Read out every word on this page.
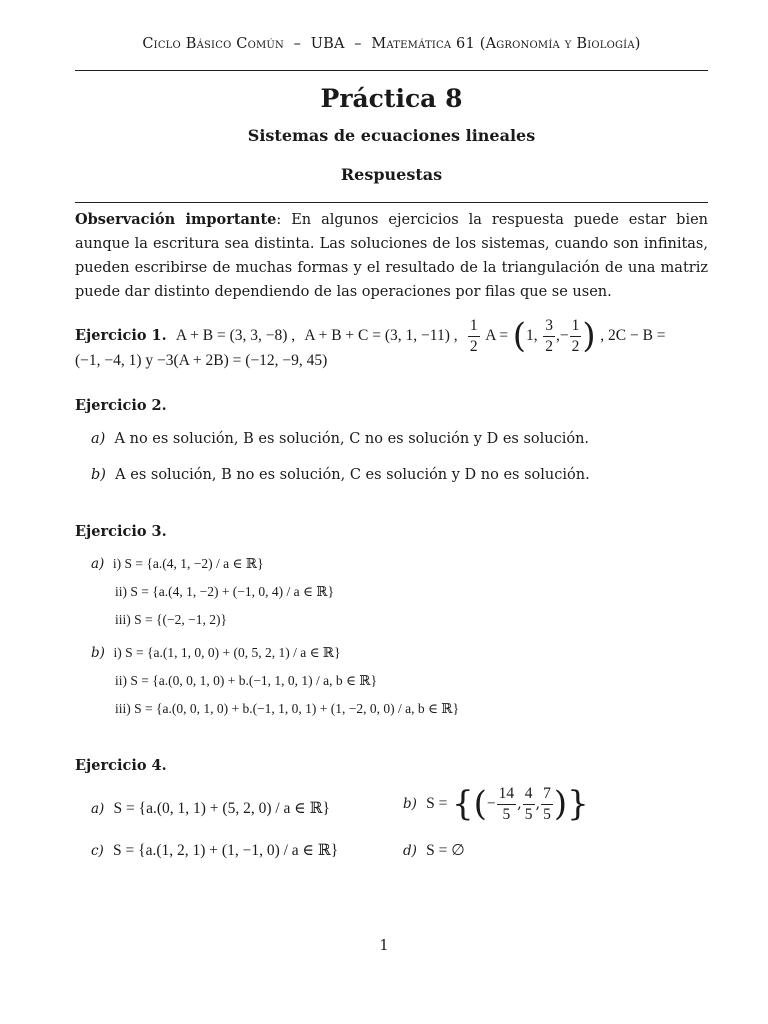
Ciclo Básico Común – UBA – Matemática 61 (Agronomía y Biología)
Práctica 8
Sistemas de ecuaciones lineales
Respuestas
Observación importante: En algunos ejercicios la respuesta puede estar bien aunque la escritura sea distinta. Las soluciones de los sistemas, cuando son infinitas, pueden escribirse de muchas formas y el resultado de la triangulación de una matriz puede dar distinto dependiendo de las operaciones por filas que se usen.
Ejercicio 1. A + B = (3, 3, −8) , A + B + C = (3, 1, −11) , $\frac{1}{2}$ A = (1, $\frac{3}{2}$ ,− $\frac{1}{2}$ ) , 2C − B =
(−1, −4, 1) y −3(A + 2B) = (−12, −9, 45)
Ejercicio 2.
a) A no es solución, B es solución, C no es solución y D es solución.
b) A es solución, B no es solución, C es solución y D no es solución.
Ejercicio 3.
a) i) S = {a.(4, 1, −2) / a ∈ ℝ}
ii) S = {a.(4, 1, −2) + (−1, 0, 4) / a ∈ ℝ}
iii) S = {(−2, −1, 2)}
b) i) S = {a.(1, 1, 0, 0) + (0, 5, 2, 1) / a ∈ ℝ}
ii) S = {a.(0, 0, 1, 0) + b.(−1, 1, 0, 1) / a, b ∈ ℝ}
iii) S = {a.(0, 0, 1, 0) + b.(−1, 1, 0, 1) + (1, −2, 0, 0) / a, b ∈ ℝ}
Ejercicio 4.
a) S = {a.(0, 1, 1) + (5, 2, 0) / a ∈ ℝ}	b) S = {(− $\frac{14}{5}$ , $\frac{4}{5}$ , $\frac{7}{5}$ )}
c) S = {a.(1, 2, 1) + (1, −1, 0) / a ∈ ℝ}	d) S = ∅
1
